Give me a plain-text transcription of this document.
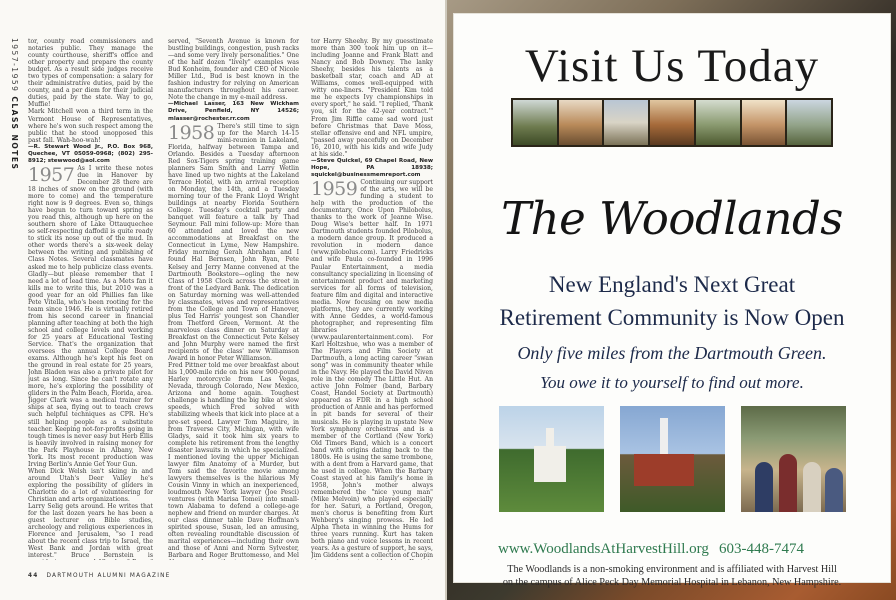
1957-1959CLASS NOTES

tor, county road commissioners and notaries public. They manage the county courthouse, sheriff's office and other property and prepare the county budget. As a result side judges receive two types of compensation: a salary for their administrative duties, paid by the county, and a per diem for their judicial duties, paid by the state. Way to go, Muffie!

Mark Mitchell won a third term in the Vermont House of Representatives, where he's won such respect among the public that he stood unopposed this past fall. Wah-hoo-wah!

—R. Stewart Wood Jr., P.O. Box 968, Quechee, VT 05059-0968; (802) 295-8912; stewwood@aol.com

1957 As I write these notes due in Hanover by December 28 there are 18 inches of snow on the ground (with more to come) and the temperature right now is 9 degrees. Even so, things have begun to turn toward spring as you read this, although up here on the southern shore of Lake Ottauquechee so self-respecting daffodil is quite ready to stick its nose up out of the mud. In other words there's a six-week delay between the writing and publishing of Class Notes. Several classmates have asked me to help publicize class events. Gladly—but please remember that I need a lot of lead time. As a Mets fan it kills me to write this, but 2010 was a good year for an old Phillies fan like Pete Vitella, who's been rooting for the team since 1946. He is virtually retired from his second career in financial planning after teaching at both the high school and college levels and working for 25 years at Educational Testing Service. That's the organization that oversees the annual College Board exams. Although he's kept his feet on the ground in real estate for 25 years, John Bladen was also a private pilot for just as long. Since he can't rotate any more, he's exploring the possibility of gliders in the Palm Beach, Florida, area.

Jigger Clark was a medical trainer for ships at sea, flying out to teach crews such helpful techniques as CPR. He's still helping people as a substitute teacher. Keeping not-for-profits going in tough times is never easy but Herb Ellis is heavily involved in raising money for the Park Playhouse in Albany, New York. Its most recent production was Irving Berlin's Annie Get Your Gun.

When Dick Welsh isn't skiing in and around Utah's Deer Valley he's exploring the possibility of gliders in Charlotte do a lot of volunteering for Christian and arts organizations.

Larry Selig gets around. He writes that for the last dozen years he has been a guest lecturer on Bible studies, archeology and religious experiences in Florence and Jerusalem, "so I read about the recent class trip to Israel, the West Bank and Jordan with great interest." Bruce Bernstein is

served, "Seventh Avenue is known for bustling buildings, congestion, push racks—and some very lively personalities." One of the half dozen "lively" examples was Bud Konheim, founder and CEO of Nicole Miller Ltd., Bud is best known in the fashion industry for relying on American manufacturers throughout his career. Note the change in my e-mail address.

—Michael Lasser, 163 New Wickham Drive, Penfield, NY 14526; mlasser@rochester.rr.com

1958 There's still time to sign up for the March 14-15 mini-reunion in Lakeland, Florida, halfway between Tampa and Orlando. Besides a Tuesday afternoon Red Sox-Tigers spring training game planners Sam Smith and Larry Wetlin have lined up two nights at the Lakeland Terrace Hotel, with an arrival reception on Monday, the 14th, and a Tuesday morning tour of the Frank Lloyd Wright buildings at nearby Florida Southern College. Tuesday's cocktail party and banquet will feature a talk by Thad Seymour. Fall mini follow-up: More than 60 attended and loved the new accommodations at Breakfast on the Connecticut in Lyme, New Hampshire. Friday morning Gerah Abraham and I found Hal Bernsen, John Ryan, Pete Kelsey and Jerry Manne convened at the Dartmouth Bookstore—ogling the new Class of 1958 Clock across the street in front of the Ledyard Bank. The dedication on Saturday morning was well-attended by classmates, wives and representatives from the College and Town of Hanover, plus Ted Harris' youngest son Chandler from Thetford Green, Vermont. At the marvelous class dinner on Saturday at Breakfast on the Connecticut Pete Kelsey and John Murphy were named the first recipients of the class' new Williamson Award in honor Peter Williamson.

Fred Pittner told me over breakfast about his 1,000-mile ride on his new 900-pound Harley motorcycle from Las Vegas, Nevada, through Colorado, New Mexico, Arizona and home again. Toughest challenge is handling the big bike at slow speeds, which Fred solved with stabilizing wheels that kick into place at a pre-set speed. Lawyer Tom Maguire, in from Traverse City, Michigan, with wife Gladys, said it took him six years to complete his retirement from the lengthy disaster lawsuits in which he specialized. I mentioned loving the upper Michigan lawyer film Anatomy of a Murder, but Tom said the favorite movie among lawyers themselves is the hilarious My Cousin Vinny in which an inexperienced, loudmouth New York lawyer (Joe Pesci) ventures (with Marisa Tomei) into small-town Alabama to defend a college-age nephew and friend on murder charges. At our class dinner table Dave Hoffman's spirited spouse, Susan, led an amusing, often revealing roundtable discussion of marital experiences—including their own and those of Anni and Norm Sylvester, Barbara and Roger Bruttomesso, and Mel

tor Harry Sheehy. By my guesstimate more than 300 took him up on it—including Joanne and Frank Blatt and Nancy and Bob Downey. The lanky Sheehy, besides his talents as a basketball star, coach and AD at Williams, comes well-equipped with witty one-liners. "President Kim told me he expects Ivy championships in every sport," he said. "I replied, 'Thank you, sit for the 42-year contract.'" From Jim Riffle came sad word just before Christmas that Dave Moss, stellar offensive end and NFL umpire, "passed away peacefully on December 16, 2010, with his kids and wife Judy at his side."

—Steve Quickel, 69 Chapel Road, New Hope, PA 18938; squickel@businessmemreport.com

1959 Continuing our support of the arts, we will be funding a student to help with the production of the documentary, Once Upon Philobolus, thanks to the work of Jeanne Wise. Doug Wise's better half. In 1971 Dartmouth students founded Pilobolus, a modern dance group. It produced a revolution in modern dance (www.pilobolus.com). Larry Friedricks and wife Paula co-founded in 1996 Paular Entertainment, a media consultancy specializing in licensing of entertainment product and marketing services for all forms of television, feature film and digital and interactive media. Now focusing on new media platforms, they are currently working with Anne Geddes, a world-famous photographer, and representing film libraries (www.paularentertainment.com). For Karl Holtzshue, who was a member of The Players and Film Society at Dartmouth, a long acting career "swan song" was in community theater while in the Navy. He played the David Niven role in the comedy The Little Hut. An active John Folmer (band, Barbary Coast, Handel Society at Dartmouth) appeared as FDR in a high school production of Annie and has performed in pit bands for several of their musicals. He is playing in upstate New York symphony orchestras and is a member of the Cortland (New York) Old Timers Band, which is a concert band with origins dating back to the 1800s. He is using the same trombone, with a dent from a Harvard game, that he used in college. When the Barbary Coast stayed at his family's home in 1958, John's mother always remembered the "nice young man" (Mike Melvoin) who played especially for her. Saturi, a Portland, Oregon, men's chorus is benefiting from Kurt Wehberg's singing prowess. He led Alpha Theta in winning the Hums for three years running. Kurt has taken both piano and voice lessons in recent years. As a gesture of support, he says, Jim Giddens sent a collection of Chopin

44 DARTMOUTH ALUMNI MAGAZINE
Visit Us Today
The Woodlands
New England's Next Great
Retirement Community is Now Open
Only five miles from the Dartmouth Green.
You owe it to yourself to find out more.
www.WoodlandsAtHarvestHill.org 603-448-7474
The Woodlands is a non-smoking environment and is affiliated with Harvest Hill
on the campus of Alice Peck Day Memorial Hospital in Lebanon, New Hampshire.
